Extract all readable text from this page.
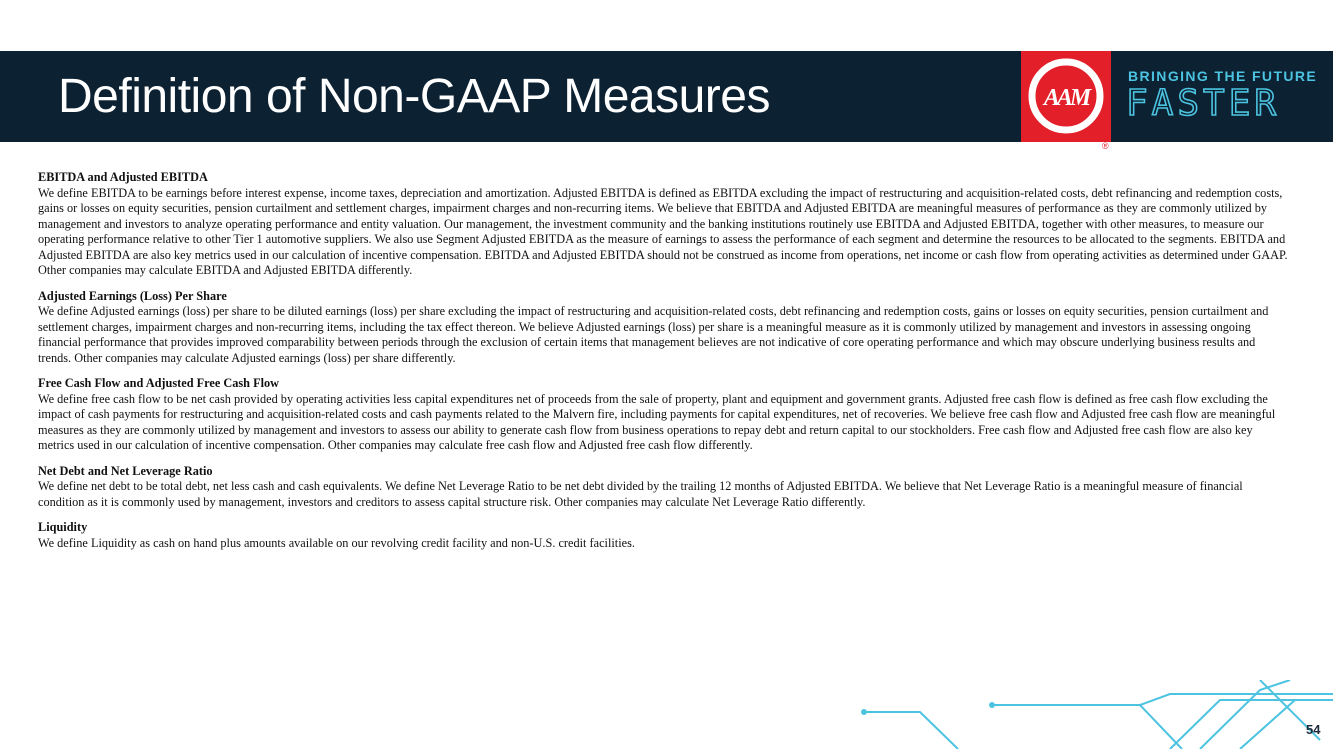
Definition of Non-GAAP Measures	AAM
®
BRINGING THE FUTURE
FASTER
EBITDA and Adjusted EBITDA

We define EBITDA to be earnings before interest expense, income taxes, depreciation and amortization. Adjusted EBITDA is defined as EBITDA excluding the impact of restructuring and acquisition-related costs, debt refinancing and redemption costs, gains or losses on equity securities, pension curtailment and settlement charges, impairment charges and non-recurring items. We believe that EBITDA and Adjusted EBITDA are meaningful measures of performance as they are commonly utilized by management and investors to analyze operating performance and entity valuation. Our management, the investment community and the banking institutions routinely use EBITDA and Adjusted EBITDA, together with other measures, to measure our operating performance relative to other Tier 1 automotive suppliers. We also use Segment Adjusted EBITDA as the measure of earnings to assess the performance of each segment and determine the resources to be allocated to the segments. EBITDA and Adjusted EBITDA are also key metrics used in our calculation of incentive compensation. EBITDA and Adjusted EBITDA should not be construed as income from operations, net income or cash flow from operating activities as determined under GAAP. Other companies may calculate EBITDA and Adjusted EBITDA differently.

Adjusted Earnings (Loss) Per Share

We define Adjusted earnings (loss) per share to be diluted earnings (loss) per share excluding the impact of restructuring and acquisition-related costs, debt refinancing and redemption costs, gains or losses on equity securities, pension curtailment and settlement charges, impairment charges and non-recurring items, including the tax effect thereon. We believe Adjusted earnings (loss) per share is a meaningful measure as it is commonly utilized by management and investors in assessing ongoing financial performance that provides improved comparability between periods through the exclusion of certain items that management believes are not indicative of core operating performance and which may obscure underlying business results and trends. Other companies may calculate Adjusted earnings (loss) per share differently.

Free Cash Flow and Adjusted Free Cash Flow

We define free cash flow to be net cash provided by operating activities less capital expenditures net of proceeds from the sale of property, plant and equipment and government grants. Adjusted free cash flow is defined as free cash flow excluding the impact of cash payments for restructuring and acquisition-related costs and cash payments related to the Malvern fire, including payments for capital expenditures, net of recoveries. We believe free cash flow and Adjusted free cash flow are meaningful measures as they are commonly utilized by management and investors to assess our ability to generate cash flow from business operations to repay debt and return capital to our stockholders. Free cash flow and Adjusted free cash flow are also key metrics used in our calculation of incentive compensation. Other companies may calculate free cash flow and Adjusted free cash flow differently.

Net Debt and Net Leverage Ratio

We define net debt to be total debt, net less cash and cash equivalents. We define Net Leverage Ratio to be net debt divided by the trailing 12 months of Adjusted EBITDA. We believe that Net Leverage Ratio is a meaningful measure of financial condition as it is commonly used by management, investors and creditors to assess capital structure risk. Other companies may calculate Net Leverage Ratio differently.

Liquidity

We define Liquidity as cash on hand plus amounts available on our revolving credit facility and non-U.S. credit facilities.

54
